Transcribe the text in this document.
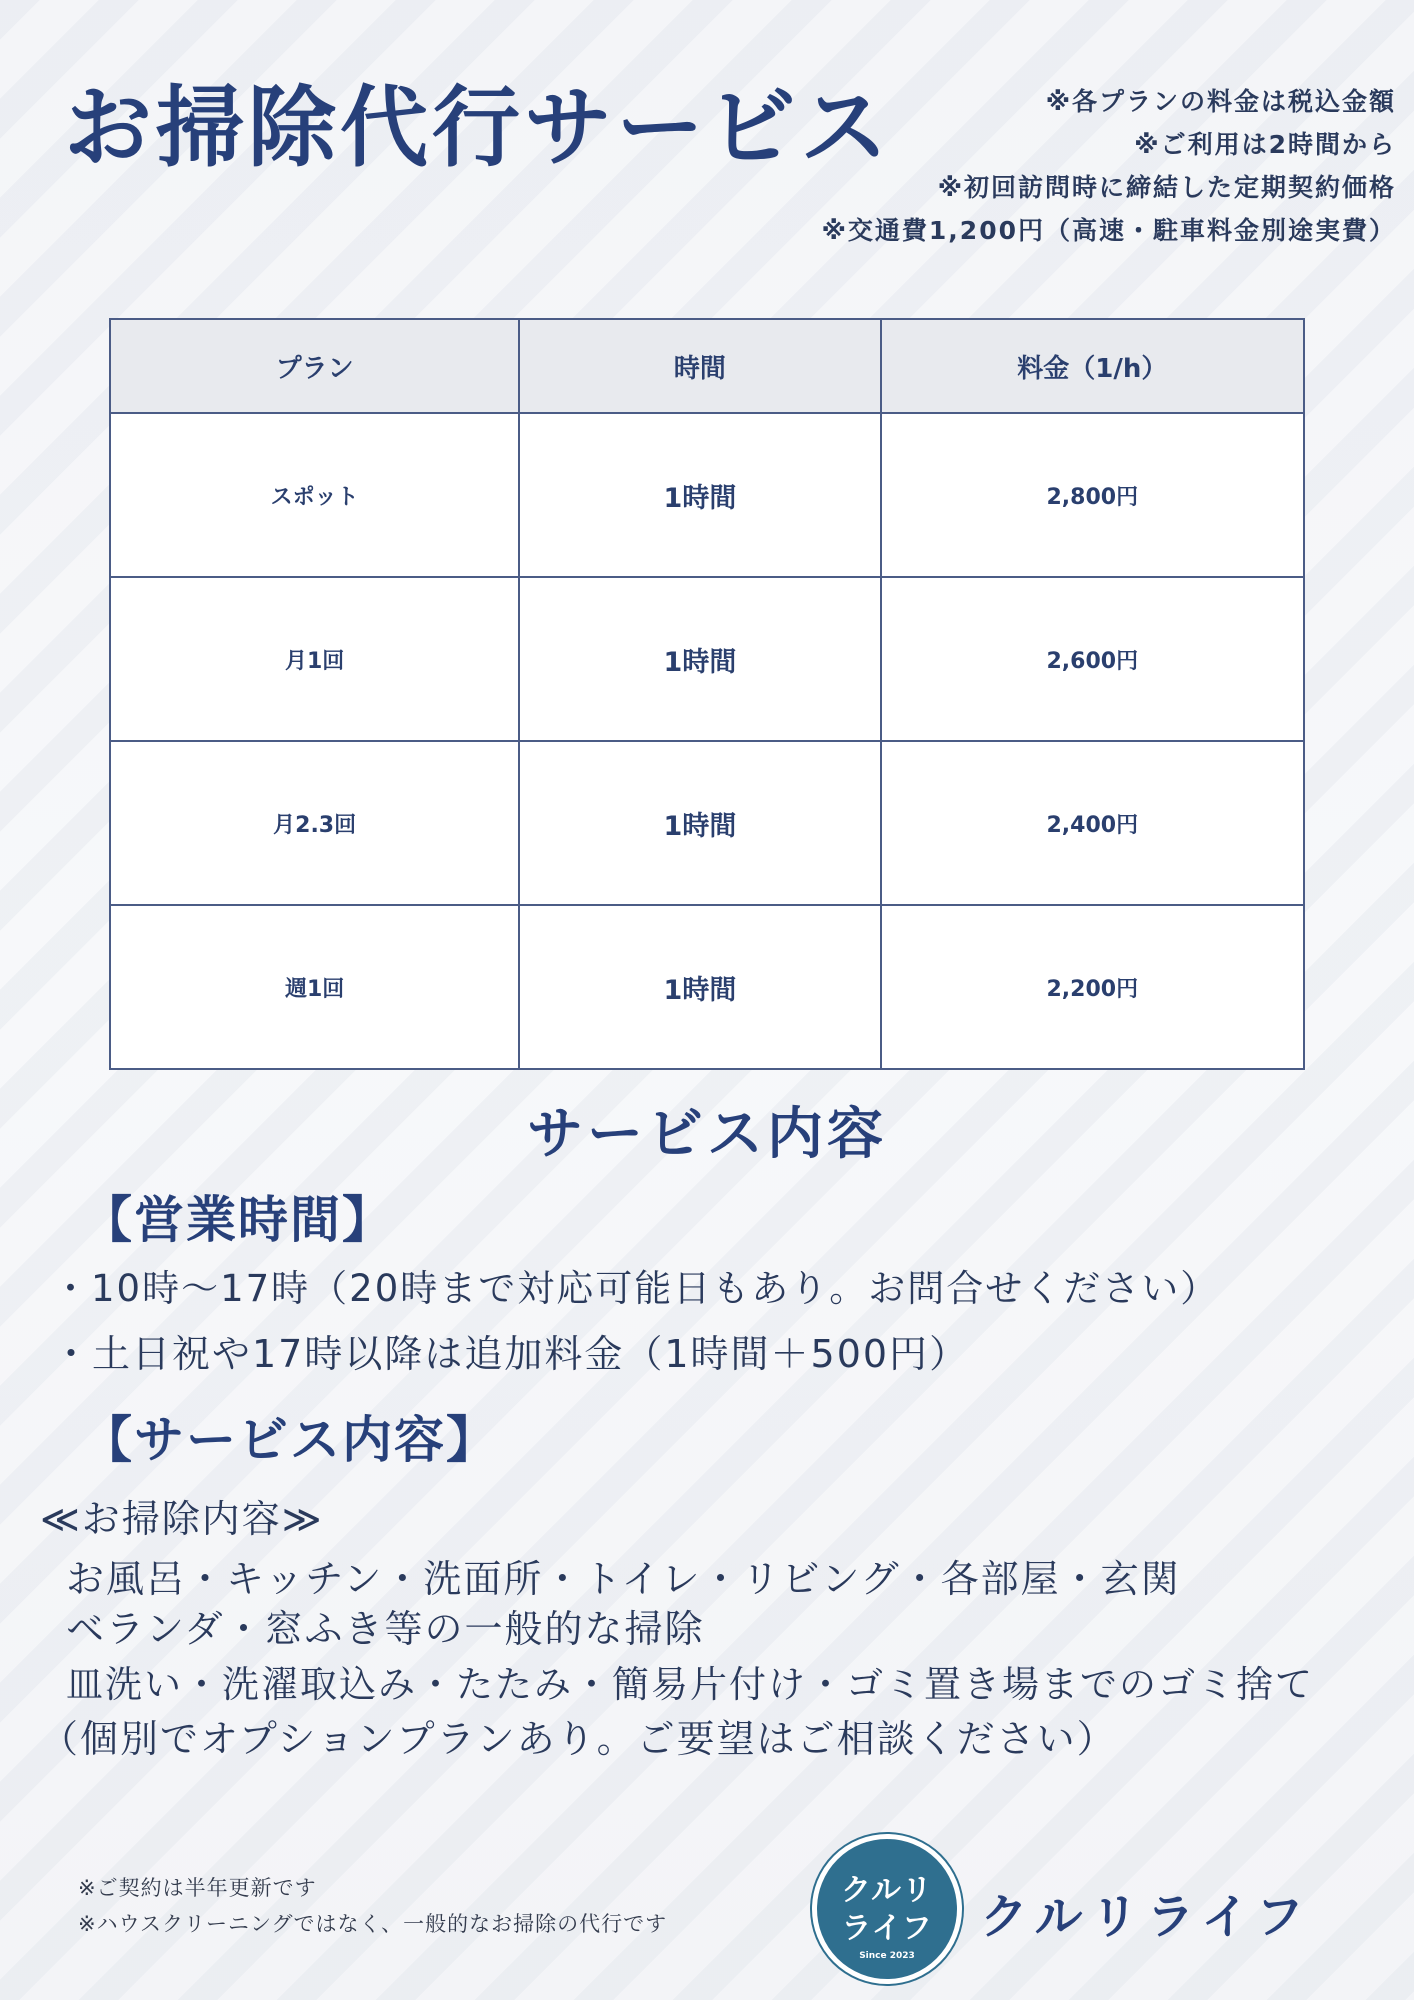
お掃除代行サービス	※各プランの料金は税込金額
※ご利用は2時間から
※初回訪問時に締結した定期契約価格
※交通費1,200円（高速・駐車料金別途実費）
プラン	時間	料金（1/h）
スポット	1時間	2,800円
月1回	1時間	2,600円
月2.3回	1時間	2,400円
週1回	1時間	2,200円
サービス内容
【営業時間】

・10時〜17時（20時まで対応可能日もあり。お問合せください）

・土日祝や17時以降は追加料金（1時間＋500円）

【サービス内容】

≪お掃除内容≫

お風呂・キッチン・洗面所・トイレ・リビング・各部屋・玄関

ベランダ・窓ふき等の一般的な掃除

皿洗い・洗濯取込み・たたみ・簡易片付け・ゴミ置き場までのゴミ捨て

（個別でオプションプランあり。ご要望はご相談ください）

※ご契約は半年更新です

※ハウスクリーニングではなく、一般的なお掃除の代行です

クルリ
ライフ
Since 2023

クルリライフ
